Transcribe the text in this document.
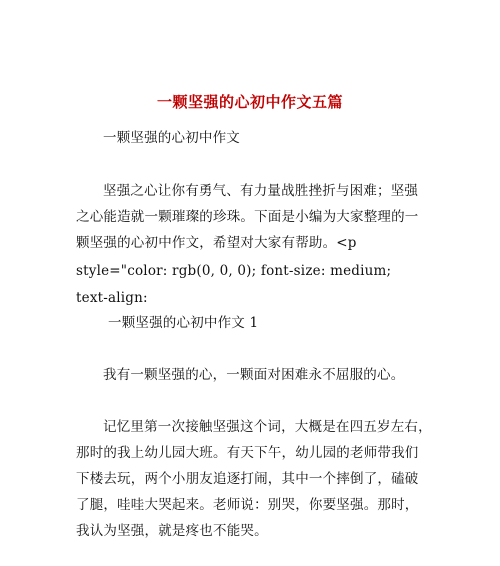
一颗坚强的心初中作文五篇
一颗坚强的心初中作文
坚强之心让你有勇气、有力量战胜挫折与困难；坚强
之心能造就一颗璀璨的珍珠。下面是小编为大家整理的一
颗坚强的心初中作文，希望对大家有帮助。<p
style="color: rgb(0, 0, 0); font-size: medium;
text-align:
一颗坚强的心初中作文 1
我有一颗坚强的心，一颗面对困难永不屈服的心。
记忆里第一次接触坚强这个词，大概是在四五岁左右，
那时的我上幼儿园大班。有天下午，幼儿园的老师带我们
下楼去玩，两个小朋友追逐打闹，其中一个摔倒了，磕破
了腿，哇哇大哭起来。老师说：别哭，你要坚强。那时，
我认为坚强，就是疼也不能哭。
